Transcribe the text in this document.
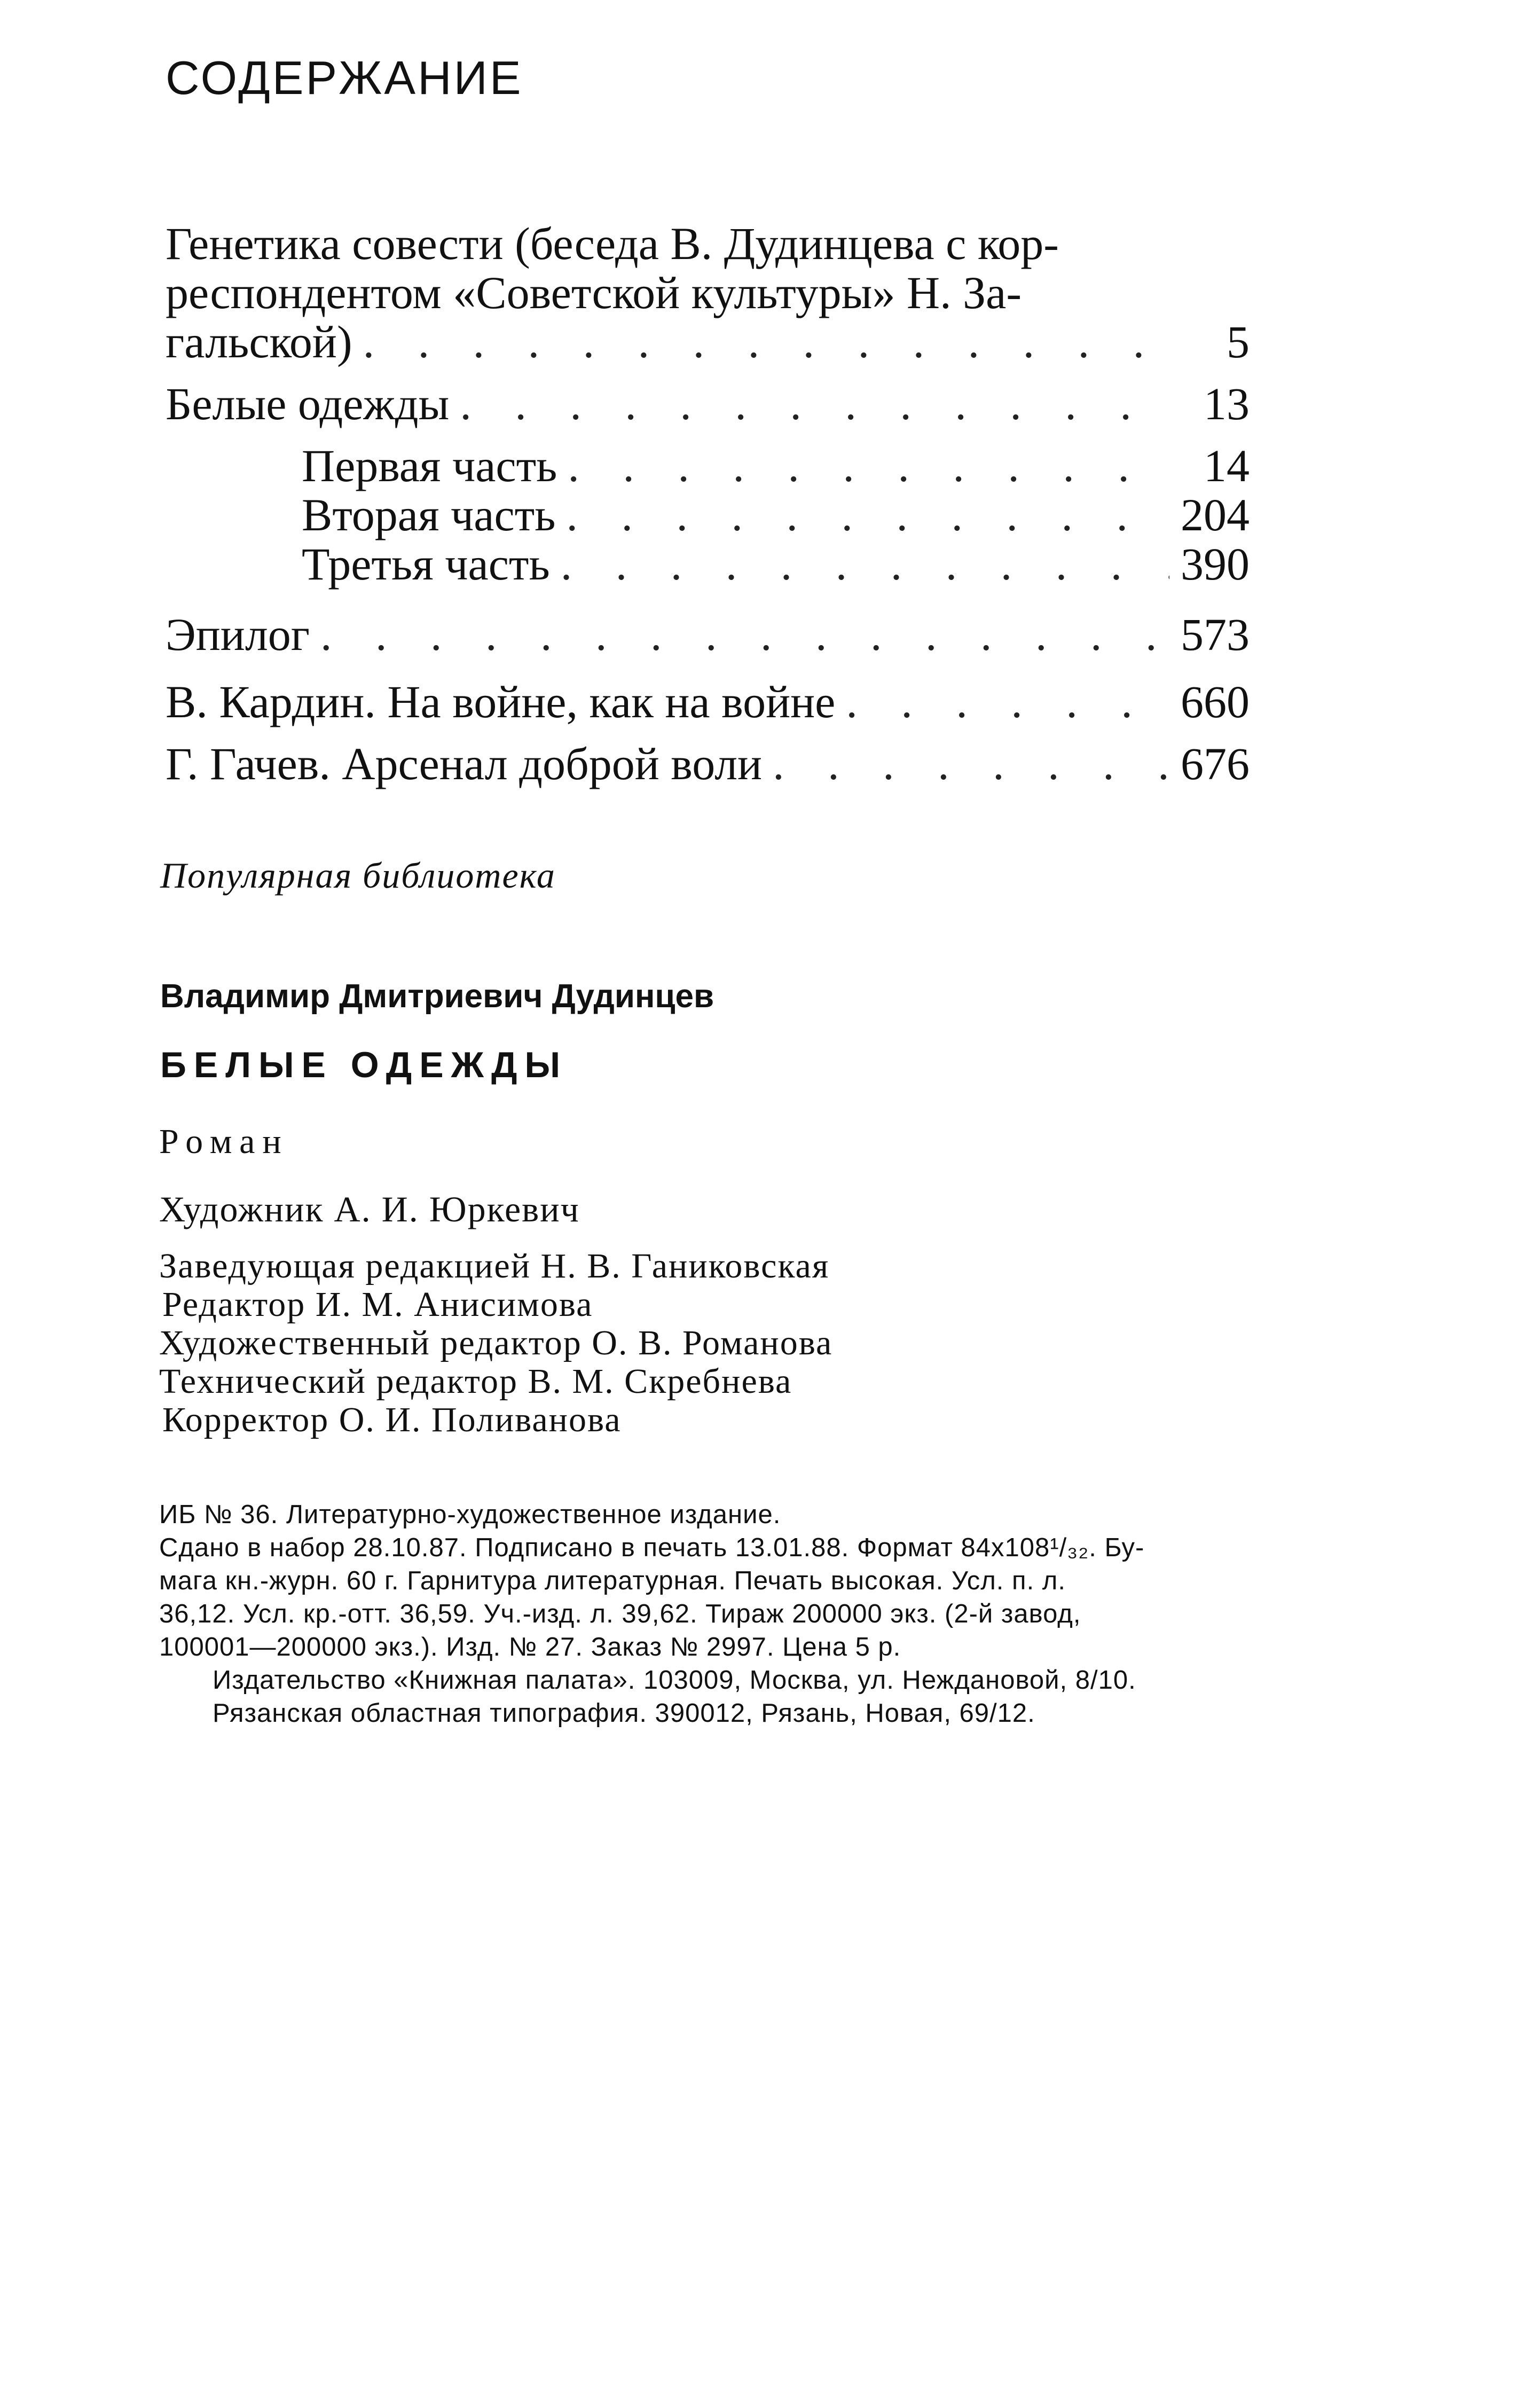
СОДЕРЖАНИЕ
Генетика совести (беседа В. Дудинцева с кор-
респондентом «Советской культуры» Н. За-
гальской) . . .	5
Белые одежды . . .	13
Первая часть . . .	14
Вторая часть . . .	204
Третья часть . . .	390
Эпилог . . .	573
В. Кардин. На войне, как на войне . . .	660
Г. Гачев. Арсенал доброй воли . . .	676
Популярная библиотека
Владимир Дмитриевич Дудинцев
БЕЛЫЕ ОДЕЖДЫ
Роман
Художник А. И. Юркевич
Заведующая редакцией Н. В. Ганиковская
Редактор И. М. Анисимова
Художественный редактор О. В. Романова
Технический редактор В. М. Скребнева
Корректор О. И. Поливанова
ИБ № 36. Литературно-художественное издание.
Сдано в набор 28.10.87. Подписано в печать 13.01.88. Формат 84x108¹/₃₂. Бу-
мага кн.-журн. 60 г. Гарнитура литературная. Печать высокая. Усл. п. л.
36,12. Усл. кр.-отт. 36,59. Уч.-изд. л. 39,62. Тираж 200000 экз. (2-й завод,
100001—200000 экз.). Изд. № 27. Заказ № 2997. Цена 5 р.
Издательство «Книжная палата». 103009, Москва, ул. Неждановой, 8/10.
Рязанская областная типография. 390012, Рязань, Новая, 69/12.
